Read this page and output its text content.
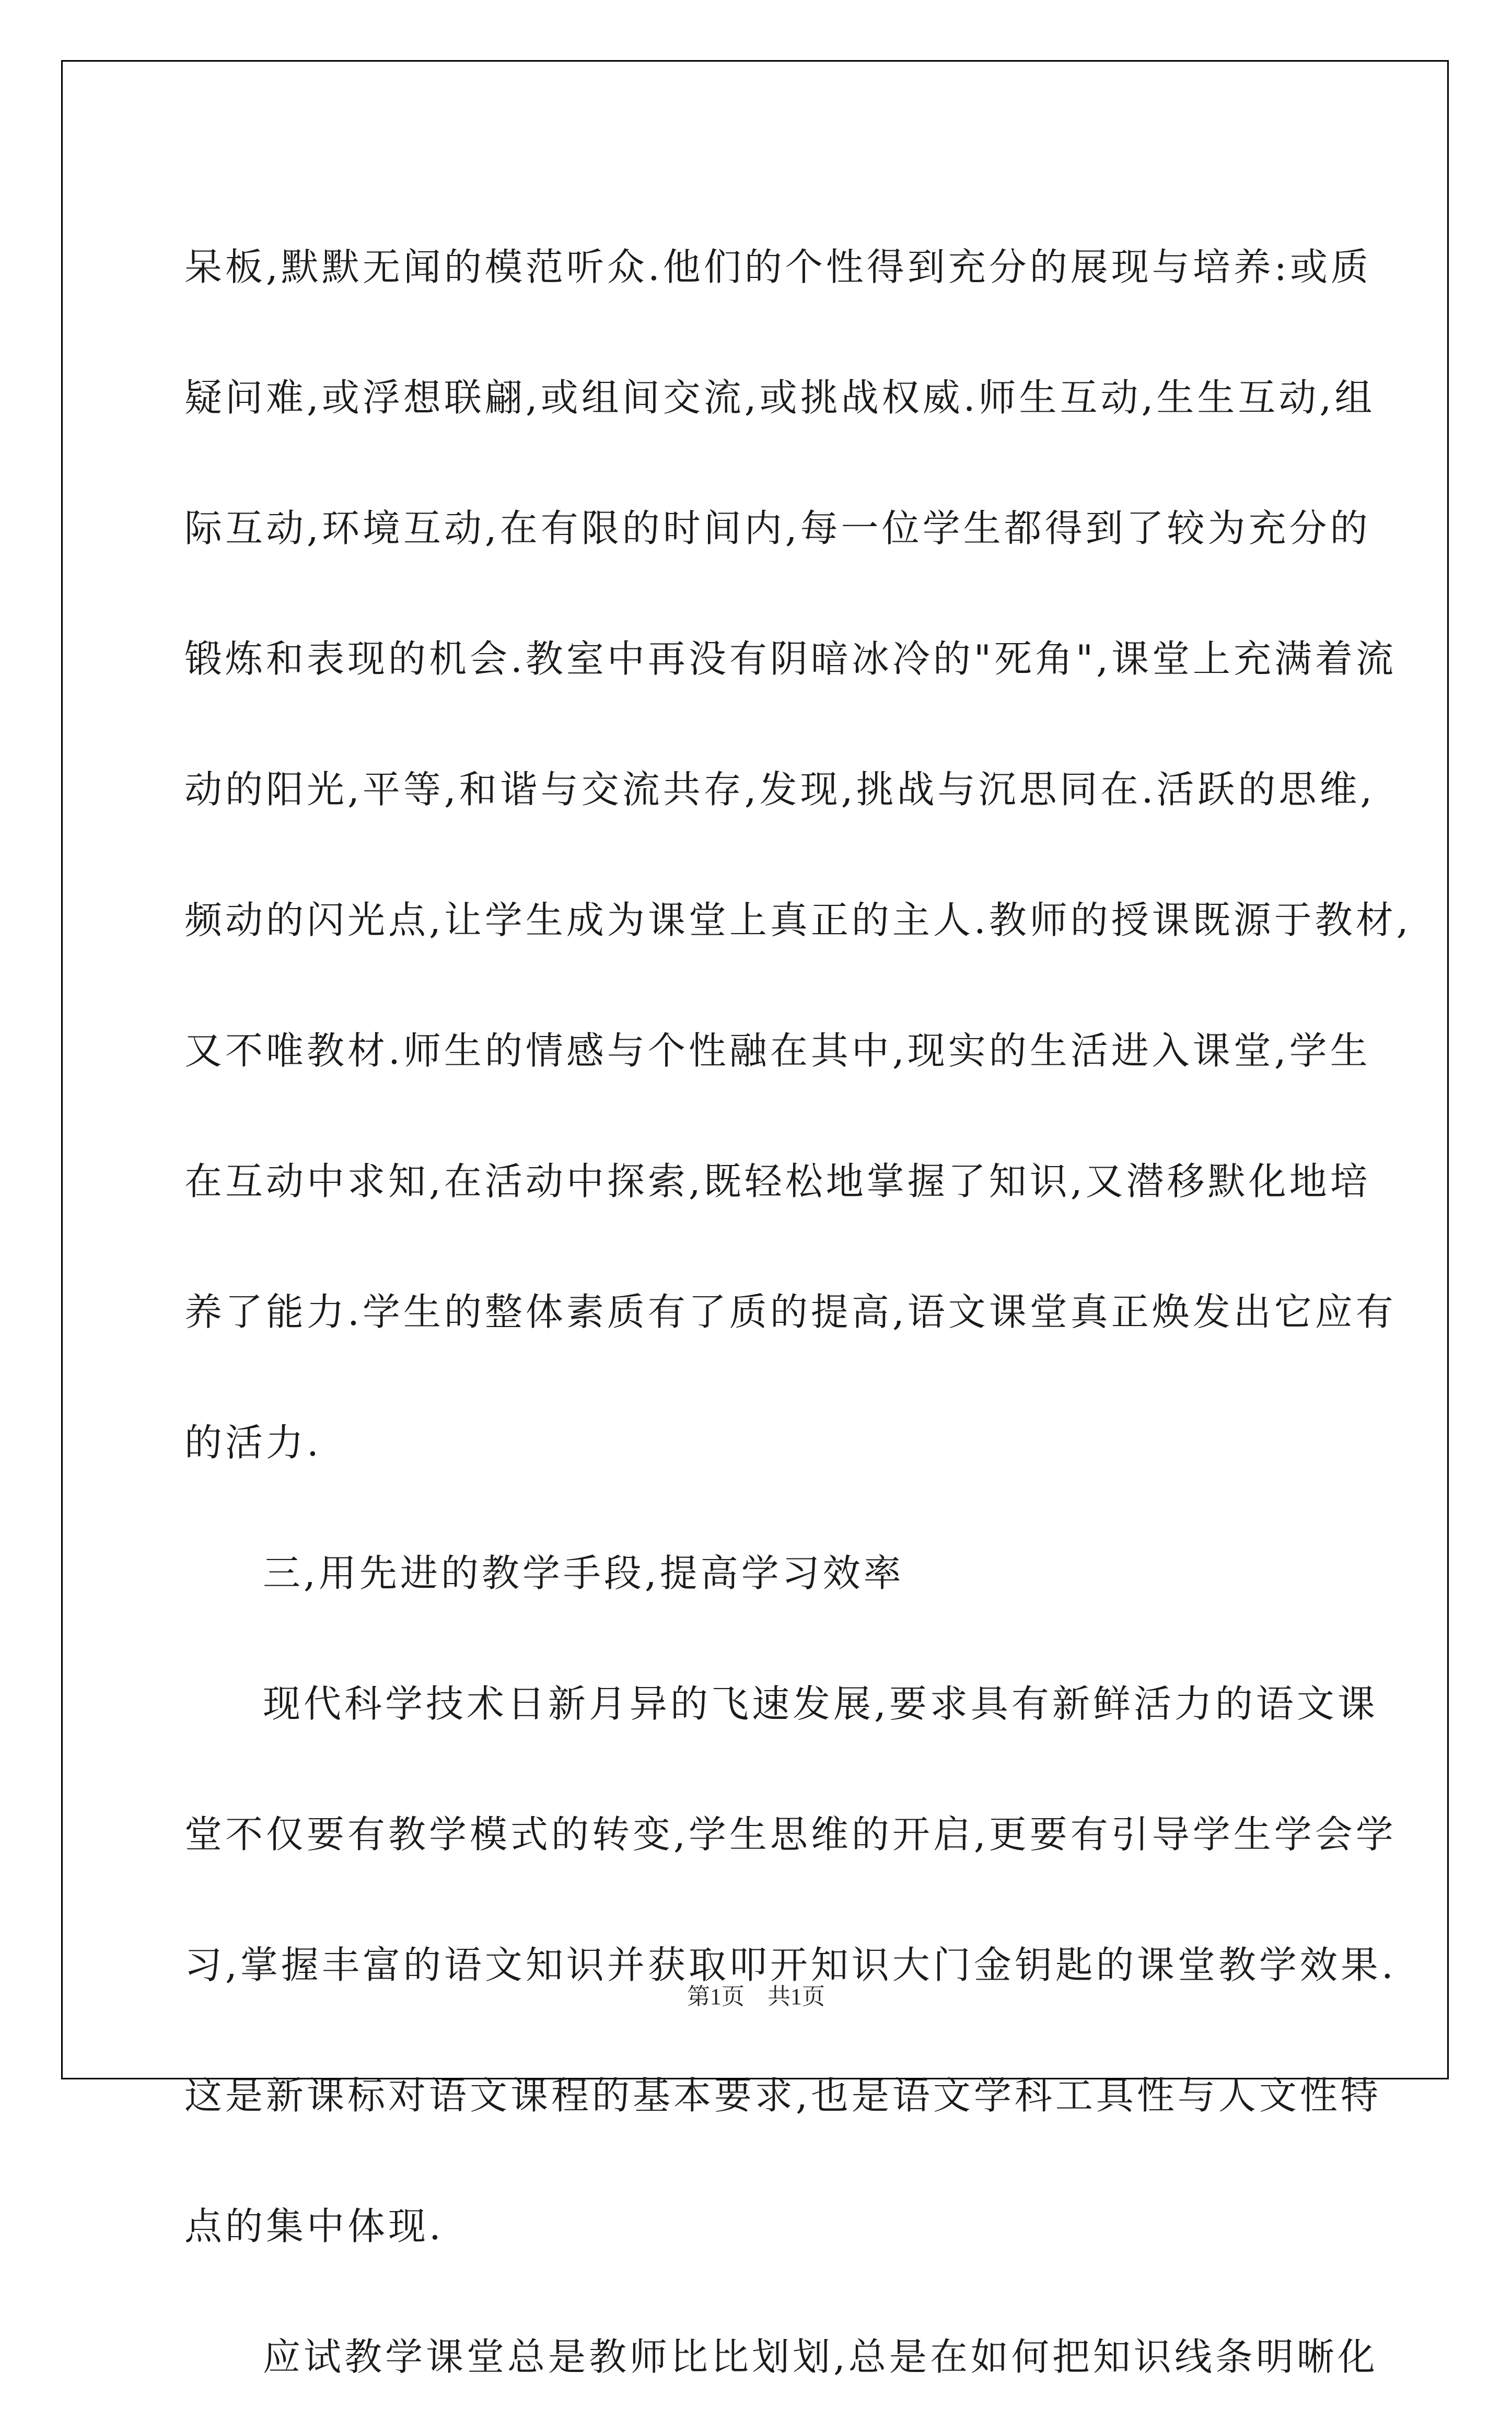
呆板,默默无闻的模范听众.他们的个性得到充分的展现与培养:或质
疑问难,或浮想联翩,或组间交流,或挑战权威.师生互动,生生互动,组
际互动,环境互动,在有限的时间内,每一位学生都得到了较为充分的
锻炼和表现的机会.教室中再没有阴暗冰冷的"死角",课堂上充满着流
动的阳光,平等,和谐与交流共存,发现,挑战与沉思同在.活跃的思维,
频动的闪光点,让学生成为课堂上真正的主人.教师的授课既源于教材,
又不唯教材.师生的情感与个性融在其中,现实的生活进入课堂,学生
在互动中求知,在活动中探索,既轻松地掌握了知识,又潜移默化地培
养了能力.学生的整体素质有了质的提高,语文课堂真正焕发出它应有
的活力.
三,用先进的教学手段,提高学习效率
现代科学技术日新月异的飞速发展,要求具有新鲜活力的语文课
堂不仅要有教学模式的转变,学生思维的开启,更要有引导学生学会学
习,掌握丰富的语文知识并获取叩开知识大门金钥匙的课堂教学效果.
这是新课标对语文课程的基本要求,也是语文学科工具性与人文性特
点的集中体现.
应试教学课堂总是教师比比划划,总是在如何把知识线条明晰化
第1页　共1页
